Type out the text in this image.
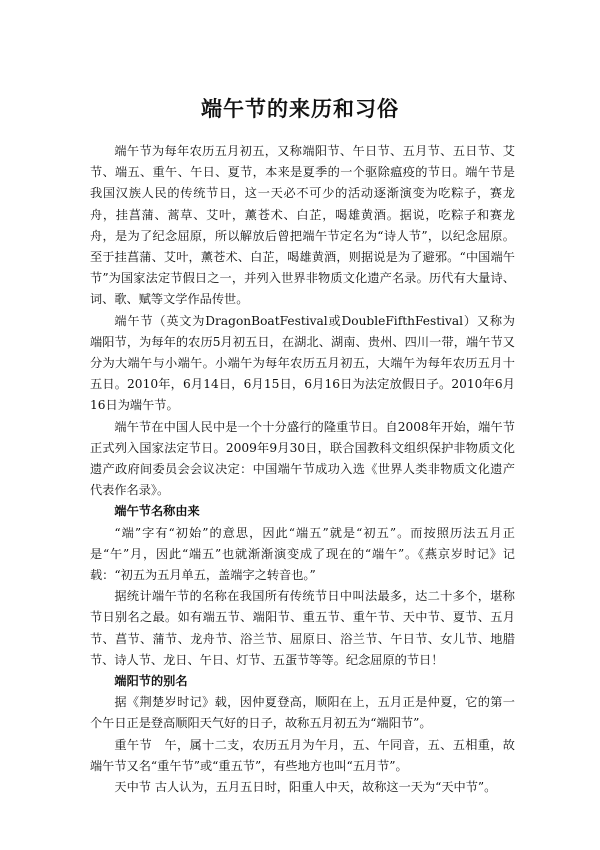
端午节的来历和习俗

端午节为每年农历五月初五，又称端阳节、午日节、五月节、五日节、艾节、端五、重午、午日、夏节，本来是夏季的一个驱除瘟疫的节日。端午节是我国汉族人民的传统节日，这一天必不可少的活动逐渐演变为吃粽子，赛龙舟，挂菖蒲、蒿草、艾叶，薰苍术、白芷，喝雄黄酒。据说，吃粽子和赛龙舟，是为了纪念屈原，所以解放后曾把端午节定名为“诗人节”，以纪念屈原。至于挂菖蒲、艾叶，薰苍术、白芷，喝雄黄酒，则据说是为了避邪。“中国端午节”为国家法定节假日之一，并列入世界非物质文化遗产名录。历代有大量诗、词、歌、赋等文学作品传世。

端午节（英文为DragonBoatFestival或DoubleFifthFestival）又称为端阳节，为每年的农历5月初五日，在湖北、湖南、贵州、四川一带，端午节又分为大端午与小端午。小端午为每年农历五月初五，大端午为每年农历五月十五日。2010年，6月14日，6月15日，6月16日为法定放假日子。2010年6月16日为端午节。

端午节在中国人民中是一个十分盛行的隆重节日。自2008年开始，端午节正式列入国家法定节日。2009年9月30日，联合国教科文组织保护非物质文化遗产政府间委员会会议决定：中国端午节成功入选《世界人类非物质文化遗产代表作名录》。

端午节名称由来

“端”字有“初始”的意思，因此“端五”就是“初五”。而按照历法五月正是“午”月，因此“端五”也就渐渐演变成了现在的“端午”。《燕京岁时记》记载：“初五为五月单五，盖端字之转音也。”

据统计端午节的名称在我国所有传统节日中叫法最多，达二十多个，堪称节日别名之最。如有端五节、端阳节、重五节、重午节、天中节、夏节、五月节、菖节、蒲节、龙舟节、浴兰节、屈原日、浴兰节、午日节、女儿节、地腊节、诗人节、龙日、午日、灯节、五蛋节等等。纪念屈原的节日！

端阳节的别名

据《荆楚岁时记》载，因仲夏登高，顺阳在上，五月正是仲夏，它的第一个午日正是登高顺阳天气好的日子，故称五月初五为“端阳节”。

重午节　午，属十二支，农历五月为午月，五、午同音，五、五相重，故端午节又名“重午节”或“重五节”，有些地方也叫“五月节”。

天中节 古人认为，五月五日时，阳重人中天，故称这一天为“天中节”。
